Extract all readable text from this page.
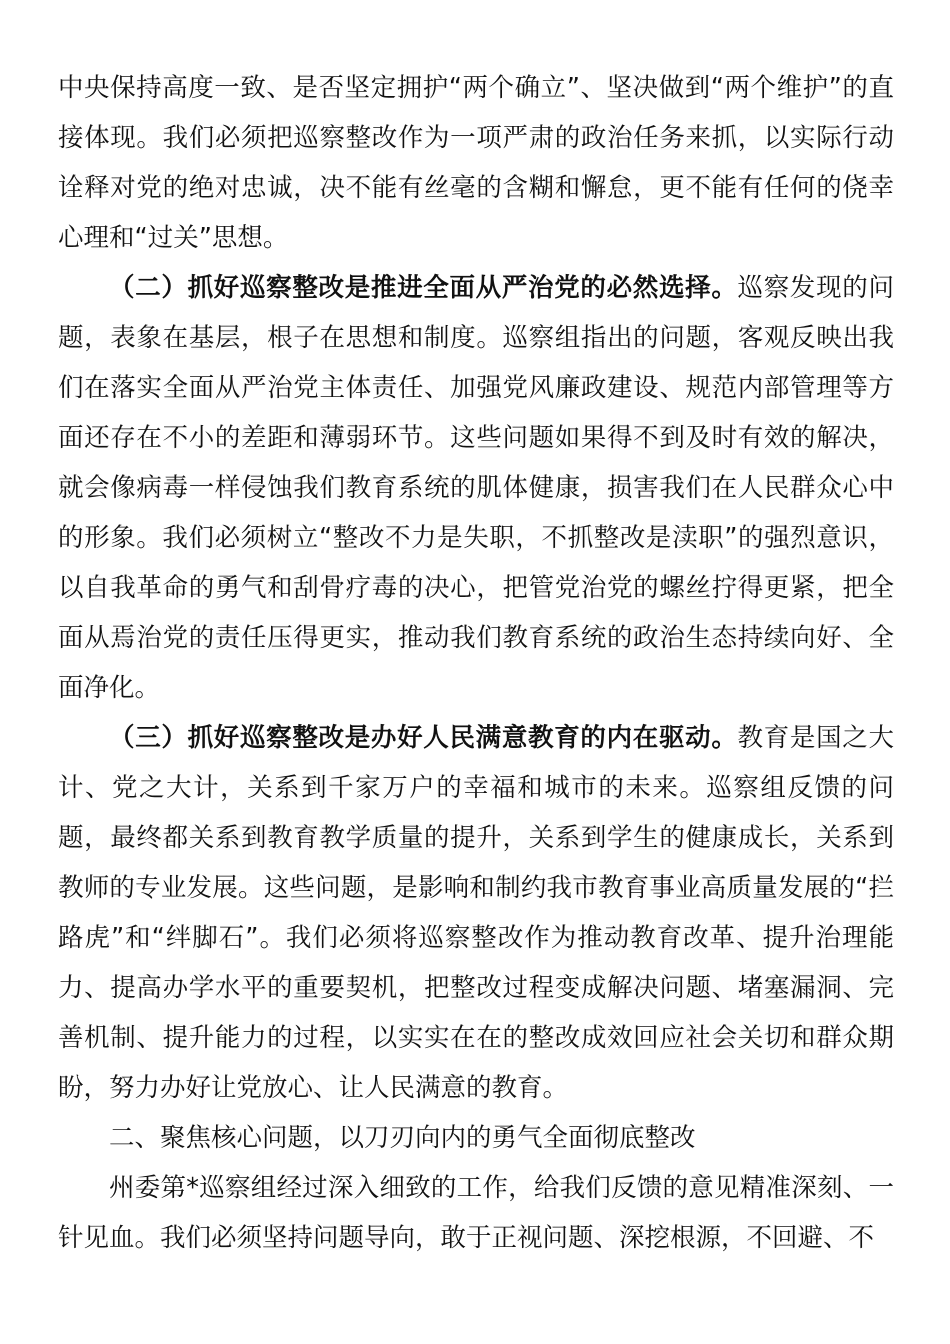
中央保持高度一致、是否坚定拥护“两个确立”、坚决做到“两个维护”的直接体现。我们必须把巡察整改作为一项严肃的政治任务来抓，以实际行动诠释对党的绝对忠诚，决不能有丝毫的含糊和懈怠，更不能有任何的侥幸心理和“过关”思想。

（二）抓好巡察整改是推进全面从严治党的必然选择。巡察发现的问题，表象在基层，根子在思想和制度。巡察组指出的问题，客观反映出我们在落实全面从严治党主体责任、加强党风廉政建设、规范内部管理等方面还存在不小的差距和薄弱环节。这些问题如果得不到及时有效的解决，就会像病毒一样侵蚀我们教育系统的肌体健康，损害我们在人民群众心中的形象。我们必须树立“整改不力是失职，不抓整改是渎职”的强烈意识，以自我革命的勇气和刮骨疗毒的决心，把管党治党的螺丝拧得更紧，把全面从焉治党的责任压得更实，推动我们教育系统的政治生态持续向好、全面净化。

（三）抓好巡察整改是办好人民满意教育的内在驱动。教育是国之大计、党之大计，关系到千家万户的幸福和城市的未来。巡察组反馈的问题，最终都关系到教育教学质量的提升，关系到学生的健康成长，关系到教师的专业发展。这些问题，是影响和制约我市教育事业高质量发展的“拦路虎”和“绊脚石”。我们必须将巡察整改作为推动教育改革、提升治理能力、提高办学水平的重要契机，把整改过程变成解决问题、堵塞漏洞、完善机制、提升能力的过程，以实实在在的整改成效回应社会关切和群众期盼，努力办好让党放心、让人民满意的教育。

二、聚焦核心问题，以刀刃向内的勇气全面彻底整改

州委第*巡察组经过深入细致的工作，给我们反馈的意见精准深刻、一针见血。我们必须坚持问题导向，敢于正视问题、深挖根源，不回避、不
